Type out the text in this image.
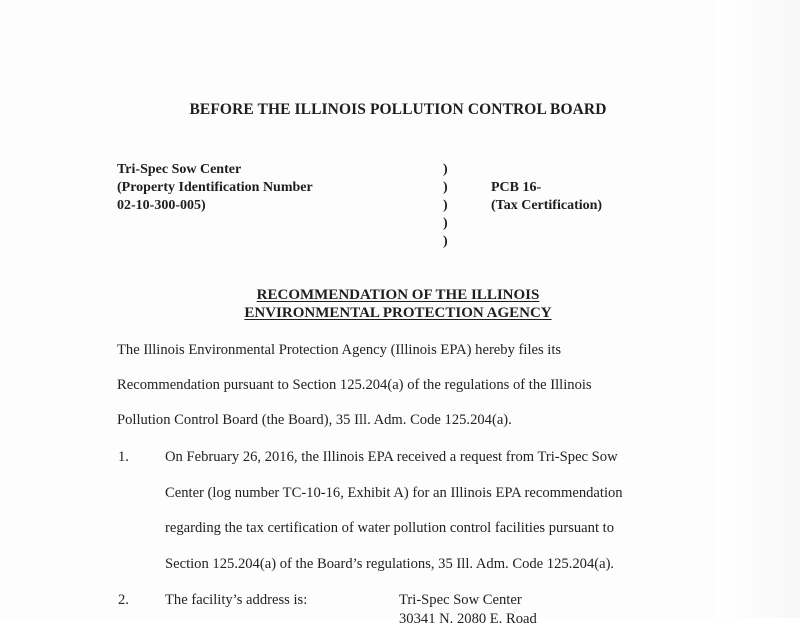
BEFORE THE ILLINOIS POLLUTION CONTROL BOARD
Tri-Spec Sow Center
(Property Identification Number
02-10-300-005)
)
)
)
)
)
PCB 16-
(Tax Certification)
RECOMMENDATION OF THE ILLINOIS
ENVIRONMENTAL PROTECTION AGENCY
The Illinois Environmental Protection Agency (Illinois EPA) hereby files its
Recommendation pursuant to Section 125.204(a) of the regulations of the Illinois
Pollution Control Board (the Board), 35 Ill. Adm. Code 125.204(a).
1. On February 26, 2016, the Illinois EPA received a request from Tri-Spec Sow
Center (log number TC-10-16, Exhibit A) for an Illinois EPA recommendation
regarding the tax certification of water pollution control facilities pursuant to
Section 125.204(a) of the Board’s regulations, 35 Ill. Adm. Code 125.204(a).
2. The facility’s address is:	Tri-Spec Sow Center
30341 N. 2080 E. Road
